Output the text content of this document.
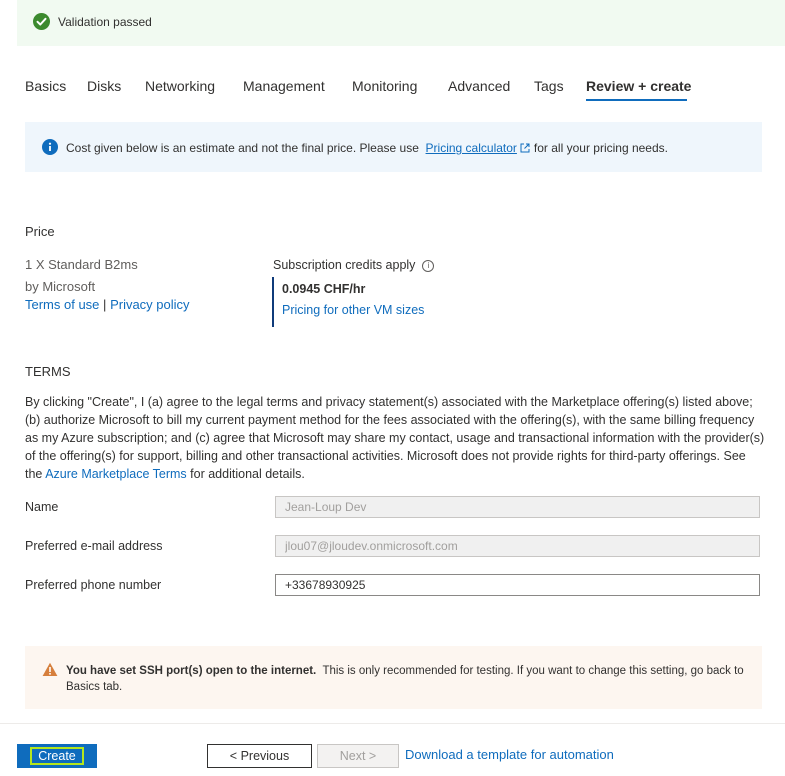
Validation passed
Basics Disks Networking Management Monitoring Advanced Tags Review + create
Cost given below is an estimate and not the final price. Please use Pricing calculator for all your pricing needs.
Price
1 X Standard B2ms
by Microsoft
Terms of use | Privacy policy
Subscription credits apply i
0.0945 CHF/hr
Pricing for other VM sizes
TERMS
By clicking "Create", I (a) agree to the legal terms and privacy statement(s) associated with the Marketplace offering(s) listed above; (b) authorize Microsoft to bill my current payment method for the fees associated with the offering(s), with the same billing frequency as my Azure subscription; and (c) agree that Microsoft may share my contact, usage and transactional information with the provider(s) of the offering(s) for support, billing and other transactional activities. Microsoft does not provide rights for third-party offerings. See the Azure Marketplace Terms for additional details.
Name
Jean-Loup Dev
Preferred e-mail address
jlou07@jloudev.onmicrosoft.com
Preferred phone number
+33678930925
You have set SSH port(s) open to the internet. This is only recommended for testing. If you want to change this setting, go back to Basics tab.
Create	< Previous	Next >	Download a template for automation
